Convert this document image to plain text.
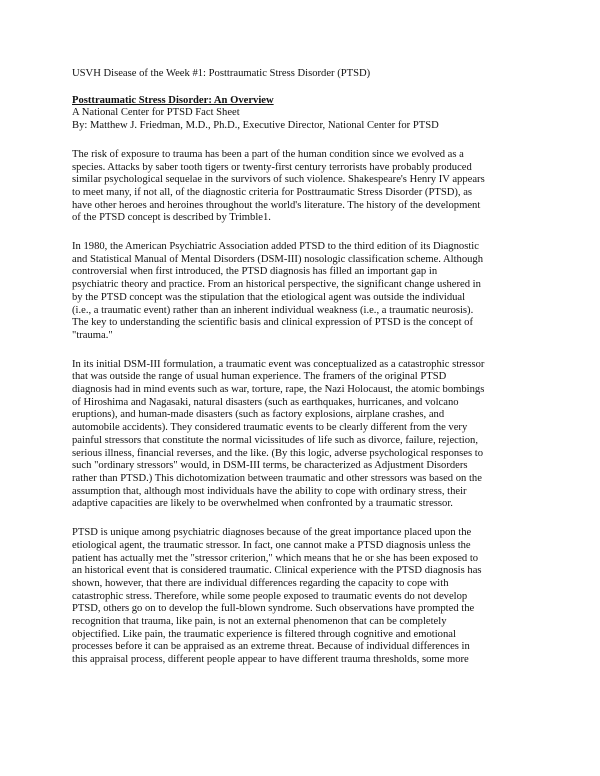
USVH Disease of the Week #1: Posttraumatic Stress Disorder (PTSD)
Posttraumatic Stress Disorder: An Overview
A National Center for PTSD Fact Sheet
By: Matthew J. Friedman, M.D., Ph.D., Executive Director, National Center for PTSD
The risk of exposure to trauma has been a part of the human condition since we evolved as a
species. Attacks by saber tooth tigers or twenty-first century terrorists have probably produced
similar psychological sequelae in the survivors of such violence. Shakespeare's Henry IV appears
to meet many, if not all, of the diagnostic criteria for Posttraumatic Stress Disorder (PTSD), as
have other heroes and heroines throughout the world's literature. The history of the development
of the PTSD concept is described by Trimble1.
In 1980, the American Psychiatric Association added PTSD to the third edition of its Diagnostic
and Statistical Manual of Mental Disorders (DSM-III) nosologic classification scheme. Although
controversial when first introduced, the PTSD diagnosis has filled an important gap in
psychiatric theory and practice. From an historical perspective, the significant change ushered in
by the PTSD concept was the stipulation that the etiological agent was outside the individual
(i.e., a traumatic event) rather than an inherent individual weakness (i.e., a traumatic neurosis).
The key to understanding the scientific basis and clinical expression of PTSD is the concept of
"trauma."
In its initial DSM-III formulation, a traumatic event was conceptualized as a catastrophic stressor
that was outside the range of usual human experience. The framers of the original PTSD
diagnosis had in mind events such as war, torture, rape, the Nazi Holocaust, the atomic bombings
of Hiroshima and Nagasaki, natural disasters (such as earthquakes, hurricanes, and volcano
eruptions), and human-made disasters (such as factory explosions, airplane crashes, and
automobile accidents). They considered traumatic events to be clearly different from the very
painful stressors that constitute the normal vicissitudes of life such as divorce, failure, rejection,
serious illness, financial reverses, and the like. (By this logic, adverse psychological responses to
such "ordinary stressors" would, in DSM-III terms, be characterized as Adjustment Disorders
rather than PTSD.) This dichotomization between traumatic and other stressors was based on the
assumption that, although most individuals have the ability to cope with ordinary stress, their
adaptive capacities are likely to be overwhelmed when confronted by a traumatic stressor.
PTSD is unique among psychiatric diagnoses because of the great importance placed upon the
etiological agent, the traumatic stressor. In fact, one cannot make a PTSD diagnosis unless the
patient has actually met the "stressor criterion," which means that he or she has been exposed to
an historical event that is considered traumatic. Clinical experience with the PTSD diagnosis has
shown, however, that there are individual differences regarding the capacity to cope with
catastrophic stress. Therefore, while some people exposed to traumatic events do not develop
PTSD, others go on to develop the full-blown syndrome. Such observations have prompted the
recognition that trauma, like pain, is not an external phenomenon that can be completely
objectified. Like pain, the traumatic experience is filtered through cognitive and emotional
processes before it can be appraised as an extreme threat. Because of individual differences in
this appraisal process, different people appear to have different trauma thresholds, some more
